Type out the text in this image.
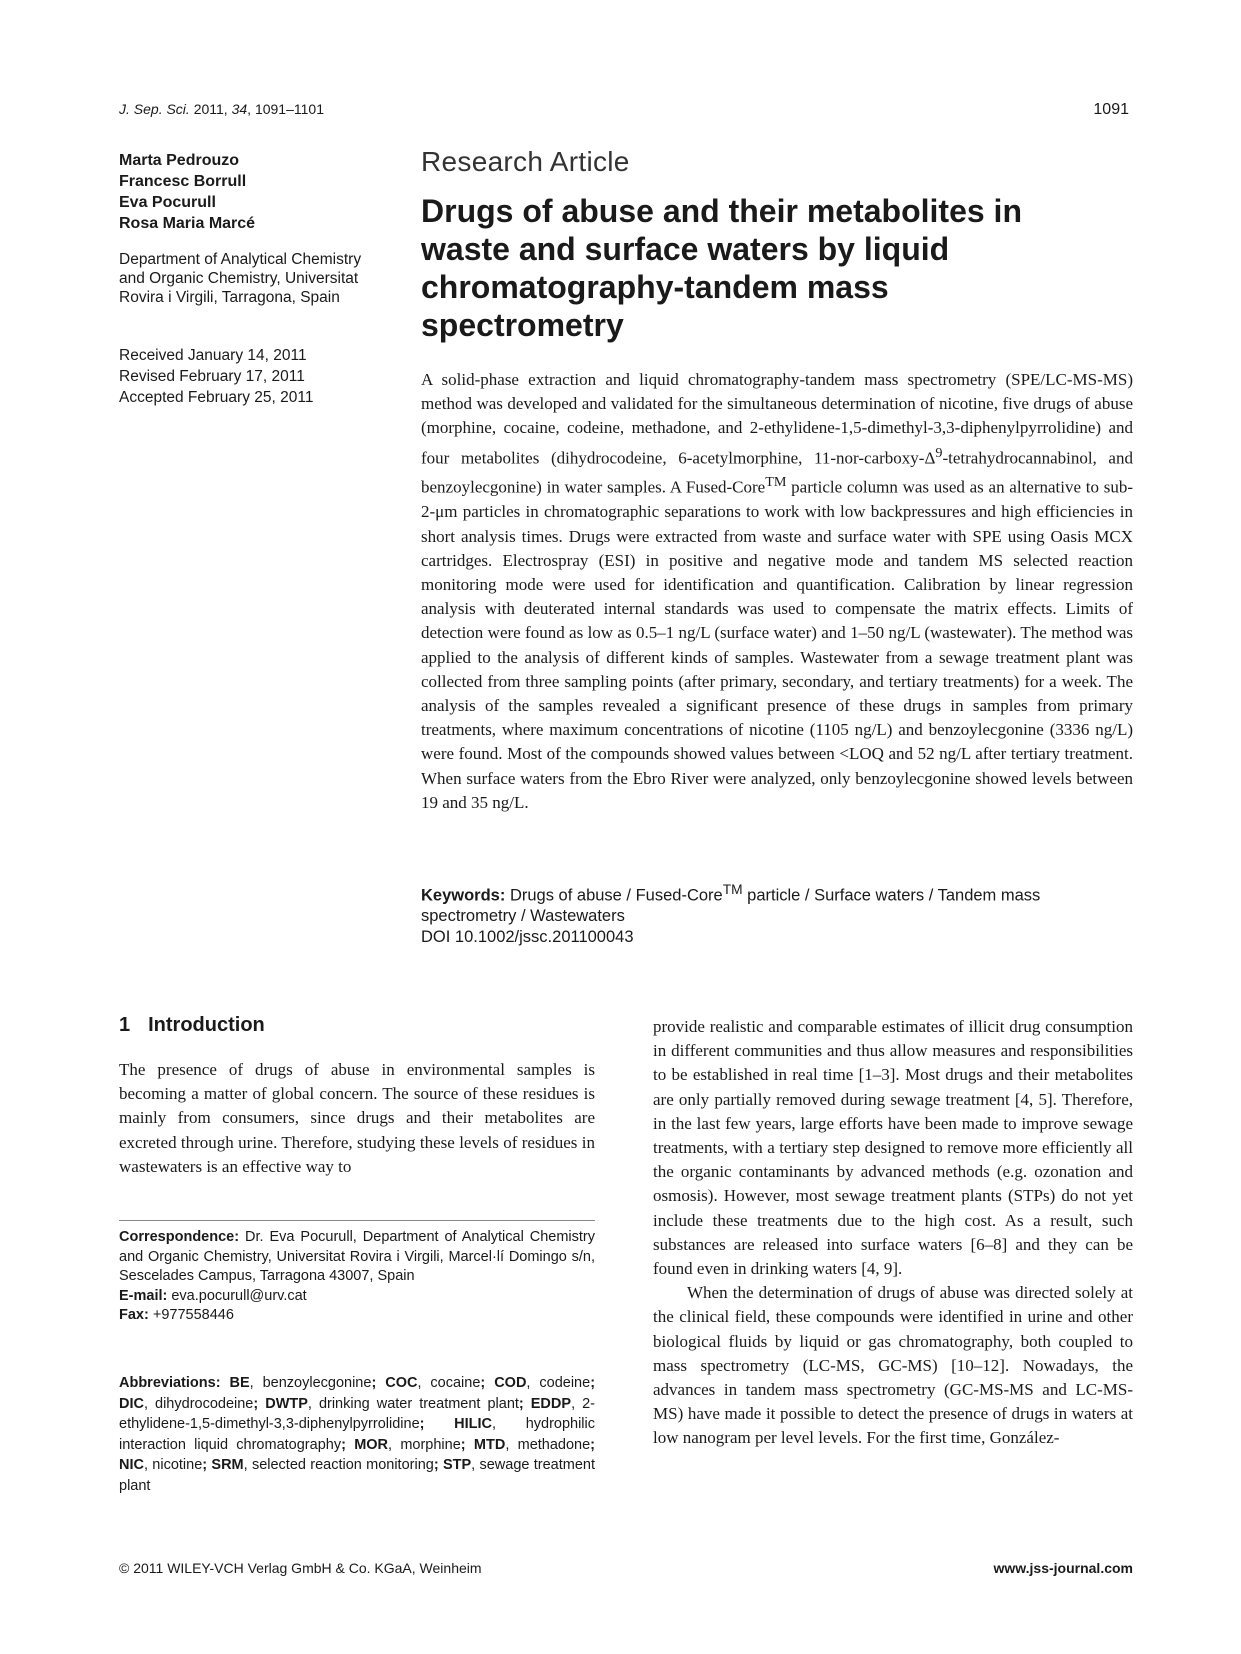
J. Sep. Sci. 2011, 34, 1091–1101	1091
Marta Pedrouzo
Francesc Borrull
Eva Pocurull
Rosa Maria Marcé
Department of Analytical Chemistry and Organic Chemistry, Universitat Rovira i Virgili, Tarragona, Spain
Received January 14, 2011
Revised February 17, 2011
Accepted February 25, 2011
Research Article
Drugs of abuse and their metabolites in waste and surface waters by liquid chromatography-tandem mass spectrometry
A solid-phase extraction and liquid chromatography-tandem mass spectrometry (SPE/LC-MS-MS) method was developed and validated for the simultaneous determination of nicotine, five drugs of abuse (morphine, cocaine, codeine, methadone, and 2-ethylidene-1,5-dimethyl-3,3-diphenylpyrrolidine) and four metabolites (dihydrocodeine, 6-acetylmorphine, $11-nor-carboxy-\Delta^9$-tetrahydrocannabinol, and benzoylecgonine) in water samples. A Fused-Core™ particle column was used as an alternative to sub-2-μm particles in chromatographic separations to work with low backpressures and high efficiencies in short analysis times. Drugs were extracted from waste and surface water with SPE using Oasis MCX cartridges. Electrospray (ESI) in positive and negative mode and tandem MS selected reaction monitoring mode were used for identification and quantification. Calibration by linear regression analysis with deuterated internal standards was used to compensate the matrix effects. Limits of detection were found as low as 0.5–1 ng/L (surface water) and 1–50 ng/L (wastewater). The method was applied to the analysis of different kinds of samples. Wastewater from a sewage treatment plant was collected from three sampling points (after primary, secondary, and tertiary treatments) for a week. The analysis of the samples revealed a significant presence of these drugs in samples from primary treatments, where maximum concentrations of nicotine (1105 ng/L) and benzoylecgonine (3336 ng/L) were found. Most of the compounds showed values between <LOQ and 52 ng/L after tertiary treatment. When surface waters from the Ebro River were analyzed, only benzoylecgonine showed levels between 19 and 35 ng/L.
Keywords: Drugs of abuse / Fused-Core™ particle / Surface waters / Tandem mass spectrometry / Wastewaters
DOI 10.1002/jssc.201100043
1 Introduction
The presence of drugs of abuse in environmental samples is becoming a matter of global concern. The source of these residues is mainly from consumers, since drugs and their metabolites are excreted through urine. Therefore, studying these levels of residues in wastewaters is an effective way to
Correspondence: Dr. Eva Pocurull, Department of Analytical Chemistry and Organic Chemistry, Universitat Rovira i Virgili, Marcel·lí Domingo s/n, Sescelades Campus, Tarragona 43007, Spain
E-mail: eva.pocurull@urv.cat
Fax: +977558446
Abbreviations: BE, benzoylecgonine; COC, cocaine; COD, codeine; DIC, dihydrocodeine; DWTP, drinking water treatment plant; EDDP, 2-ethylidene-1,5-dimethyl-3,3-diphenylpyrrolidine; HILIC, hydrophilic interaction liquid chromatography; MOR, morphine; MTD, methadone; NIC, nicotine; SRM, selected reaction monitoring; STP, sewage treatment plant

provide realistic and comparable estimates of illicit drug consumption in different communities and thus allow measures and responsibilities to be established in real time [1–3]. Most drugs and their metabolites are only partially removed during sewage treatment [4, 5]. Therefore, in the last few years, large efforts have been made to improve sewage treatments, with a tertiary step designed to remove more efficiently all the organic contaminants by advanced methods (e.g. ozonation and osmosis). However, most sewage treatment plants (STPs) do not yet include these treatments due to the high cost. As a result, such substances are released into surface waters [6–8] and they can be found even in drinking waters [4, 9].

When the determination of drugs of abuse was directed solely at the clinical field, these compounds were identified in urine and other biological fluids by liquid or gas chromatography, both coupled to mass spectrometry (LC-MS, GC-MS) [10–12]. Nowadays, the advances in tandem mass spectrometry (GC-MS-MS and LC-MS-MS) have made it possible to detect the presence of drugs in waters at low nanogram per level levels. For the first time, González-

© 2011 WILEY-VCH Verlag GmbH & Co. KGaA, Weinheim	www.jss-journal.com
